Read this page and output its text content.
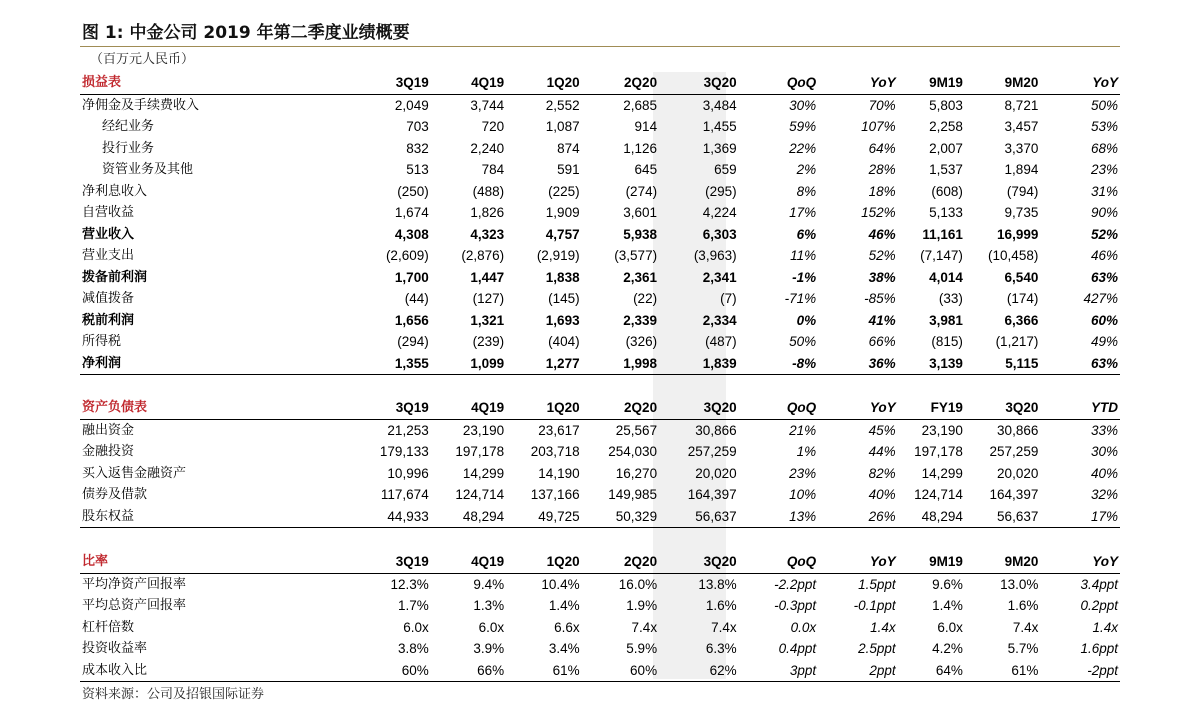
图 1: 中金公司 2019 年第二季度业绩概要
（百万元人民币）
损益表	3Q19	4Q19	1Q20	2Q20	3Q20	QoQ	YoY	9M19	9M20	YoY
净佣金及手续费收入	2,049	3,744	2,552	2,685	3,484	30%	70%	5,803	8,721	50%
经纪业务	703	720	1,087	914	1,455	59%	107%	2,258	3,457	53%
投行业务	832	2,240	874	1,126	1,369	22%	64%	2,007	3,370	68%
资管业务及其他	513	784	591	645	659	2%	28%	1,537	1,894	23%
净利息收入	(250)	(488)	(225)	(274)	(295)	8%	18%	(608)	(794)	31%
自营收益	1,674	1,826	1,909	3,601	4,224	17%	152%	5,133	9,735	90%
营业收入	4,308	4,323	4,757	5,938	6,303	6%	46%	11,161	16,999	52%
营业支出	(2,609)	(2,876)	(2,919)	(3,577)	(3,963)	11%	52%	(7,147)	(10,458)	46%
拨备前利润	1,700	1,447	1,838	2,361	2,341	-1%	38%	4,014	6,540	63%
减值拨备	(44)	(127)	(145)	(22)	(7)	-71%	-85%	(33)	(174)	427%
税前利润	1,656	1,321	1,693	2,339	2,334	0%	41%	3,981	6,366	60%
所得税	(294)	(239)	(404)	(326)	(487)	50%	66%	(815)	(1,217)	49%
净利润	1,355	1,099	1,277	1,998	1,839	-8%	36%	3,139	5,115	63%
资产负债表	3Q19	4Q19	1Q20	2Q20	3Q20	QoQ	YoY	FY19	3Q20	YTD
融出资金	21,253	23,190	23,617	25,567	30,866	21%	45%	23,190	30,866	33%
金融投资	179,133	197,178	203,718	254,030	257,259	1%	44%	197,178	257,259	30%
买入返售金融资产	10,996	14,299	14,190	16,270	20,020	23%	82%	14,299	20,020	40%
债券及借款	117,674	124,714	137,166	149,985	164,397	10%	40%	124,714	164,397	32%
股东权益	44,933	48,294	49,725	50,329	56,637	13%	26%	48,294	56,637	17%
比率	3Q19	4Q19	1Q20	2Q20	3Q20	QoQ	YoY	9M19	9M20	YoY
平均净资产回报率	12.3%	9.4%	10.4%	16.0%	13.8%	-2.2ppt	1.5ppt	9.6%	13.0%	3.4ppt
平均总资产回报率	1.7%	1.3%	1.4%	1.9%	1.6%	-0.3ppt	-0.1ppt	1.4%	1.6%	0.2ppt
杠杆倍数	6.0x	6.0x	6.6x	7.4x	7.4x	0.0x	1.4x	6.0x	7.4x	1.4x
投资收益率	3.8%	3.9%	3.4%	5.9%	6.3%	0.4ppt	2.5ppt	4.2%	5.7%	1.6ppt
成本收入比	60%	66%	61%	60%	62%	3ppt	2ppt	64%	61%	-2ppt
资料来源：公司及招银国际证券
